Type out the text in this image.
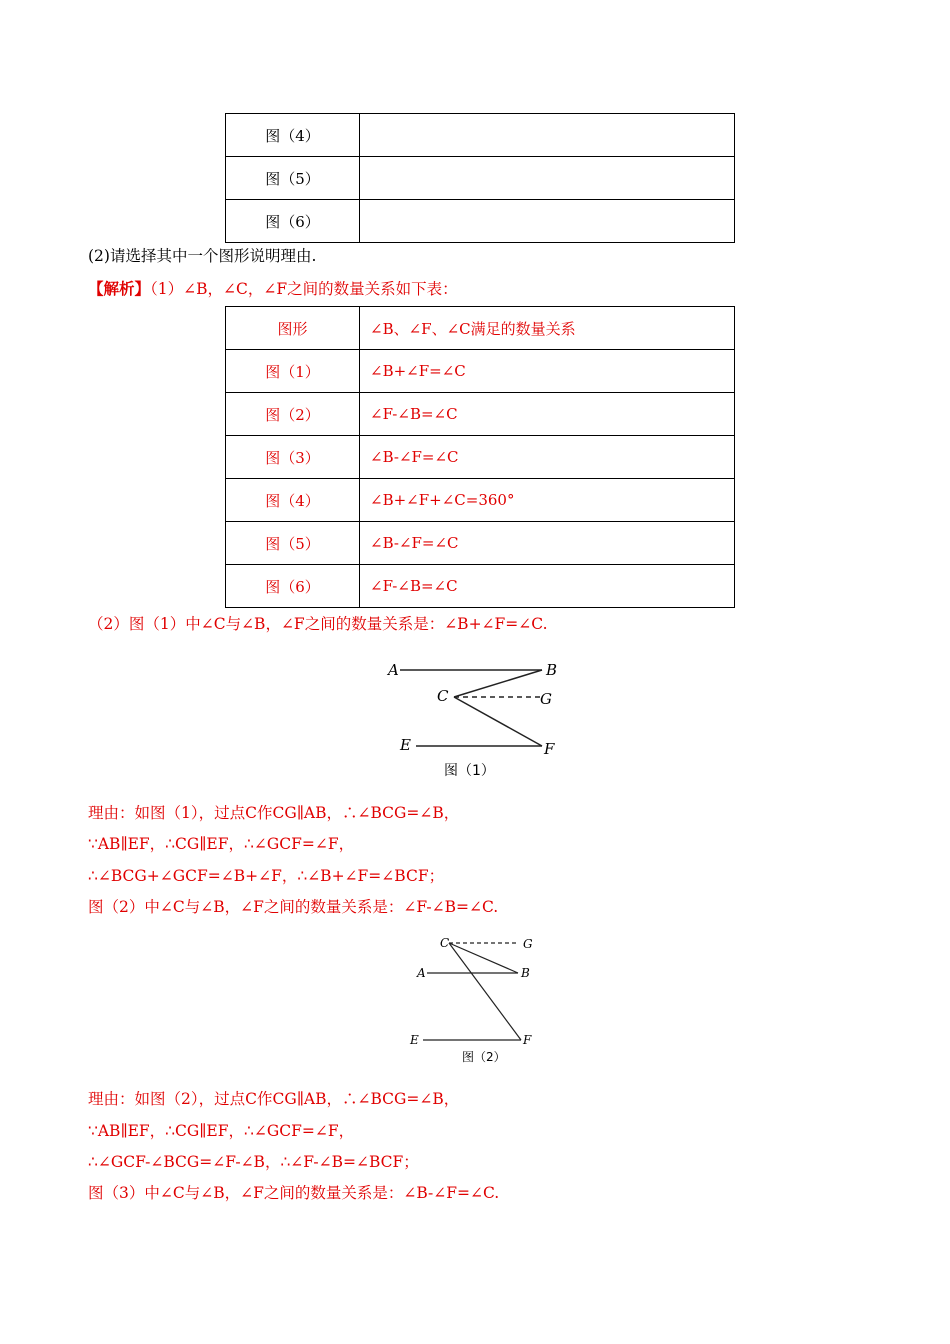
图（4）	
图（5）	
图（6）	
(2)请选择其中一个图形说明理由.
【解析】（1）∠B，∠C，∠F之间的数量关系如下表：
图形	∠B、∠F、∠C满足的数量关系
图（1）	∠B+∠F=∠C
图（2）	∠F-∠B=∠C
图（3）	∠B-∠F=∠C
图（4）	∠B+∠F+∠C=360°
图（5）	∠B-∠F=∠C
图（6）	∠F-∠B=∠C
（2）图（1）中∠C与∠B，∠F之间的数量关系是：∠B+∠F=∠C.
A	B
C	G
E	F
图（1）
理由：如图（1），过点C作CG∥AB，∴∠BCG=∠B，
∵AB∥EF，∴CG∥EF，∴∠GCF=∠F，
∴∠BCG+∠GCF=∠B+∠F，∴∠B+∠F=∠BCF；
图（2）中∠C与∠B，∠F之间的数量关系是：∠F-∠B=∠C.
C	G
A	B
E	F
图（2）
理由：如图（2），过点C作CG∥AB，∴∠BCG=∠B，
∵AB∥EF，∴CG∥EF，∴∠GCF=∠F，
∴∠GCF-∠BCG=∠F-∠B，∴∠F-∠B=∠BCF；
图（3）中∠C与∠B，∠F之间的数量关系是：∠B-∠F=∠C.
